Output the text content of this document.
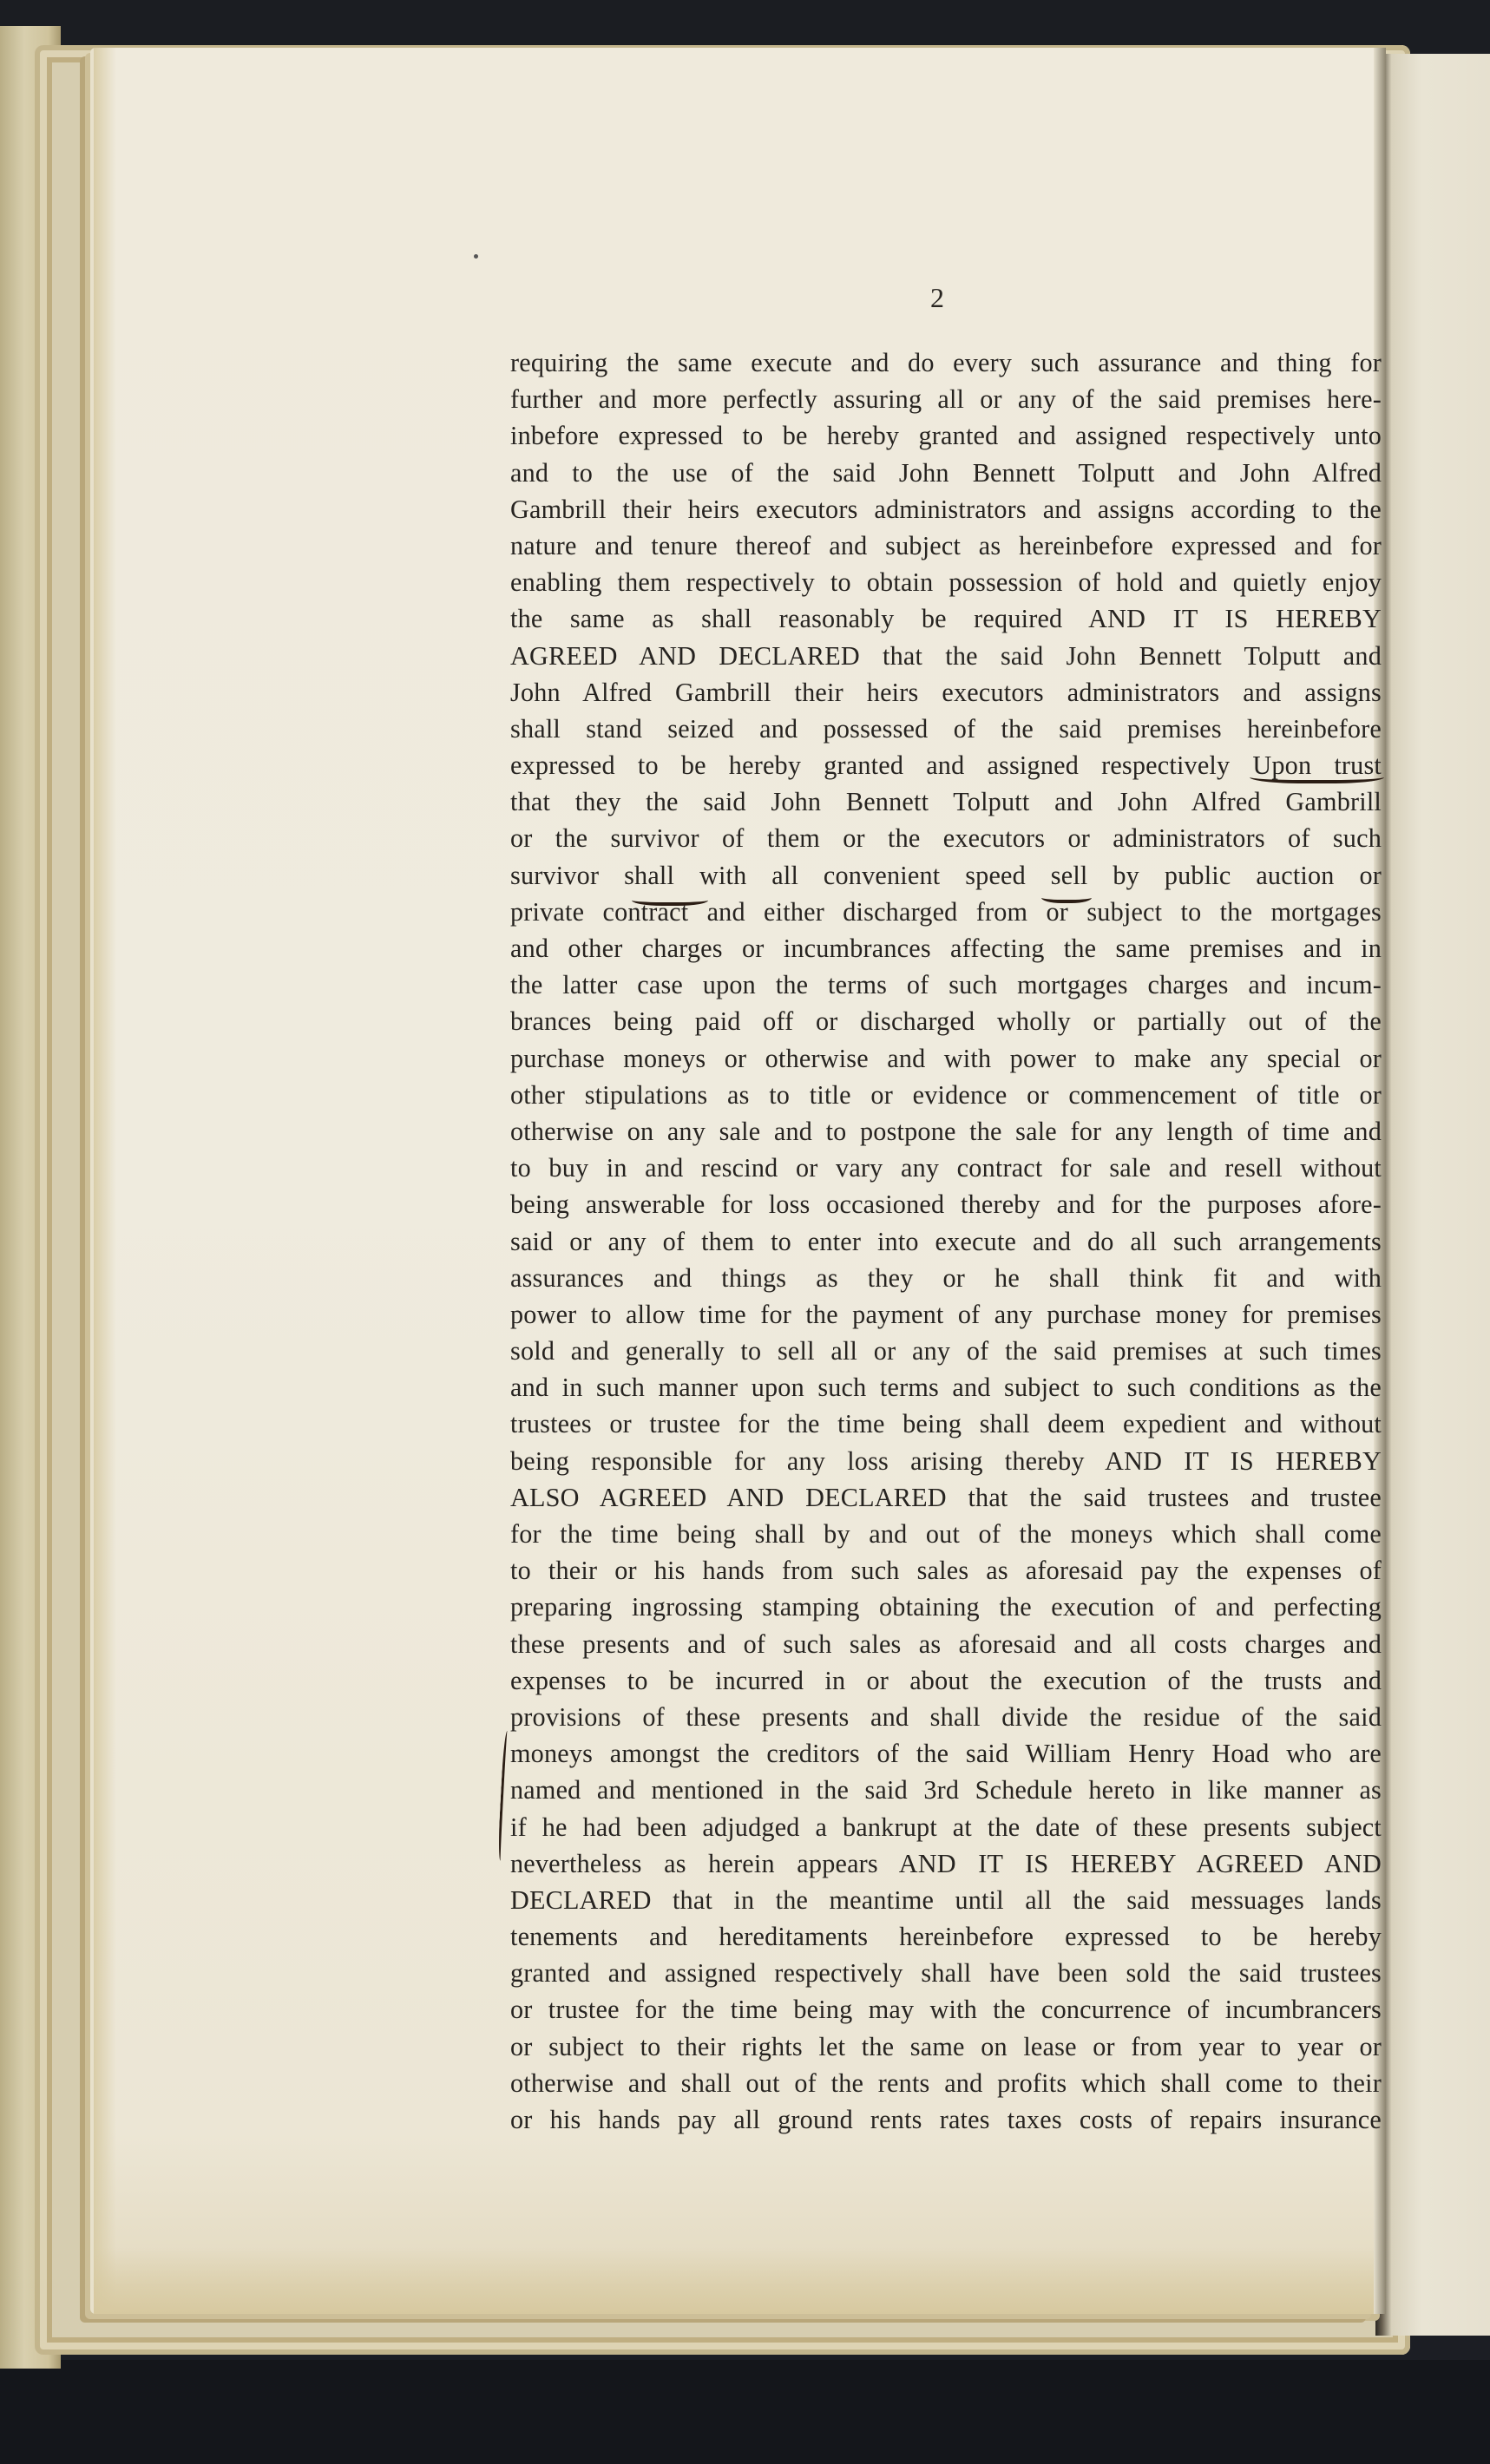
2
requiring the same execute and do every such assurance and thing for
further and more perfectly assuring all or any of the said premises here-
inbefore expressed to be hereby granted and assigned respectively unto
and to the use of the said John Bennett Tolputt and John Alfred
Gambrill their heirs executors administrators and assigns according to the
nature and tenure thereof and subject as hereinbefore expressed and for
enabling them respectively to obtain possession of hold and quietly enjoy
the same as shall reasonably be required AND IT IS HEREBY
AGREED AND DECLARED that the said John Bennett Tolputt and
John Alfred Gambrill their heirs executors administrators and assigns
shall stand seized and possessed of the said premises hereinbefore
expressed to be hereby granted and assigned respectively Upon trust
that they the said John Bennett Tolputt and John Alfred Gambrill
or the survivor of them or the executors or administrators of such
survivor shall with all convenient speed sell by public auction or
private contract and either discharged from or subject to the mortgages
and other charges or incumbrances affecting the same premises and in
the latter case upon the terms of such mortgages charges and incum-
brances being paid off or discharged wholly or partially out of the
purchase moneys or otherwise and with power to make any special or
other stipulations as to title or evidence or commencement of title or
otherwise on any sale and to postpone the sale for any length of time and
to buy in and rescind or vary any contract for sale and resell without
being answerable for loss occasioned thereby and for the purposes afore-
said or any of them to enter into execute and do all such arrangements
assurances and things as they or he shall think fit and with
power to allow time for the payment of any purchase money for premises
sold and generally to sell all or any of the said premises at such times
and in such manner upon such terms and subject to such conditions as the
trustees or trustee for the time being shall deem expedient and without
being responsible for any loss arising thereby AND IT IS HEREBY
ALSO AGREED AND DECLARED that the said trustees and trustee
for the time being shall by and out of the moneys which shall come
to their or his hands from such sales as aforesaid pay the expenses of
preparing ingrossing stamping obtaining the execution of and perfecting
these presents and of such sales as aforesaid and all costs charges and
expenses to be incurred in or about the execution of the trusts and
provisions of these presents and shall divide the residue of the said
moneys amongst the creditors of the said William Henry Hoad who are
named and mentioned in the said 3rd Schedule hereto in like manner as
if he had been adjudged a bankrupt at the date of these presents subject
nevertheless as herein appears AND IT IS HEREBY AGREED AND
DECLARED that in the meantime until all the said messuages lands
tenements and hereditaments hereinbefore expressed to be hereby
granted and assigned respectively shall have been sold the said trustees
or trustee for the time being may with the concurrence of incumbrancers
or subject to their rights let the same on lease or from year to year or
otherwise and shall out of the rents and profits which shall come to their
or his hands pay all ground rents rates taxes costs of repairs insurance
